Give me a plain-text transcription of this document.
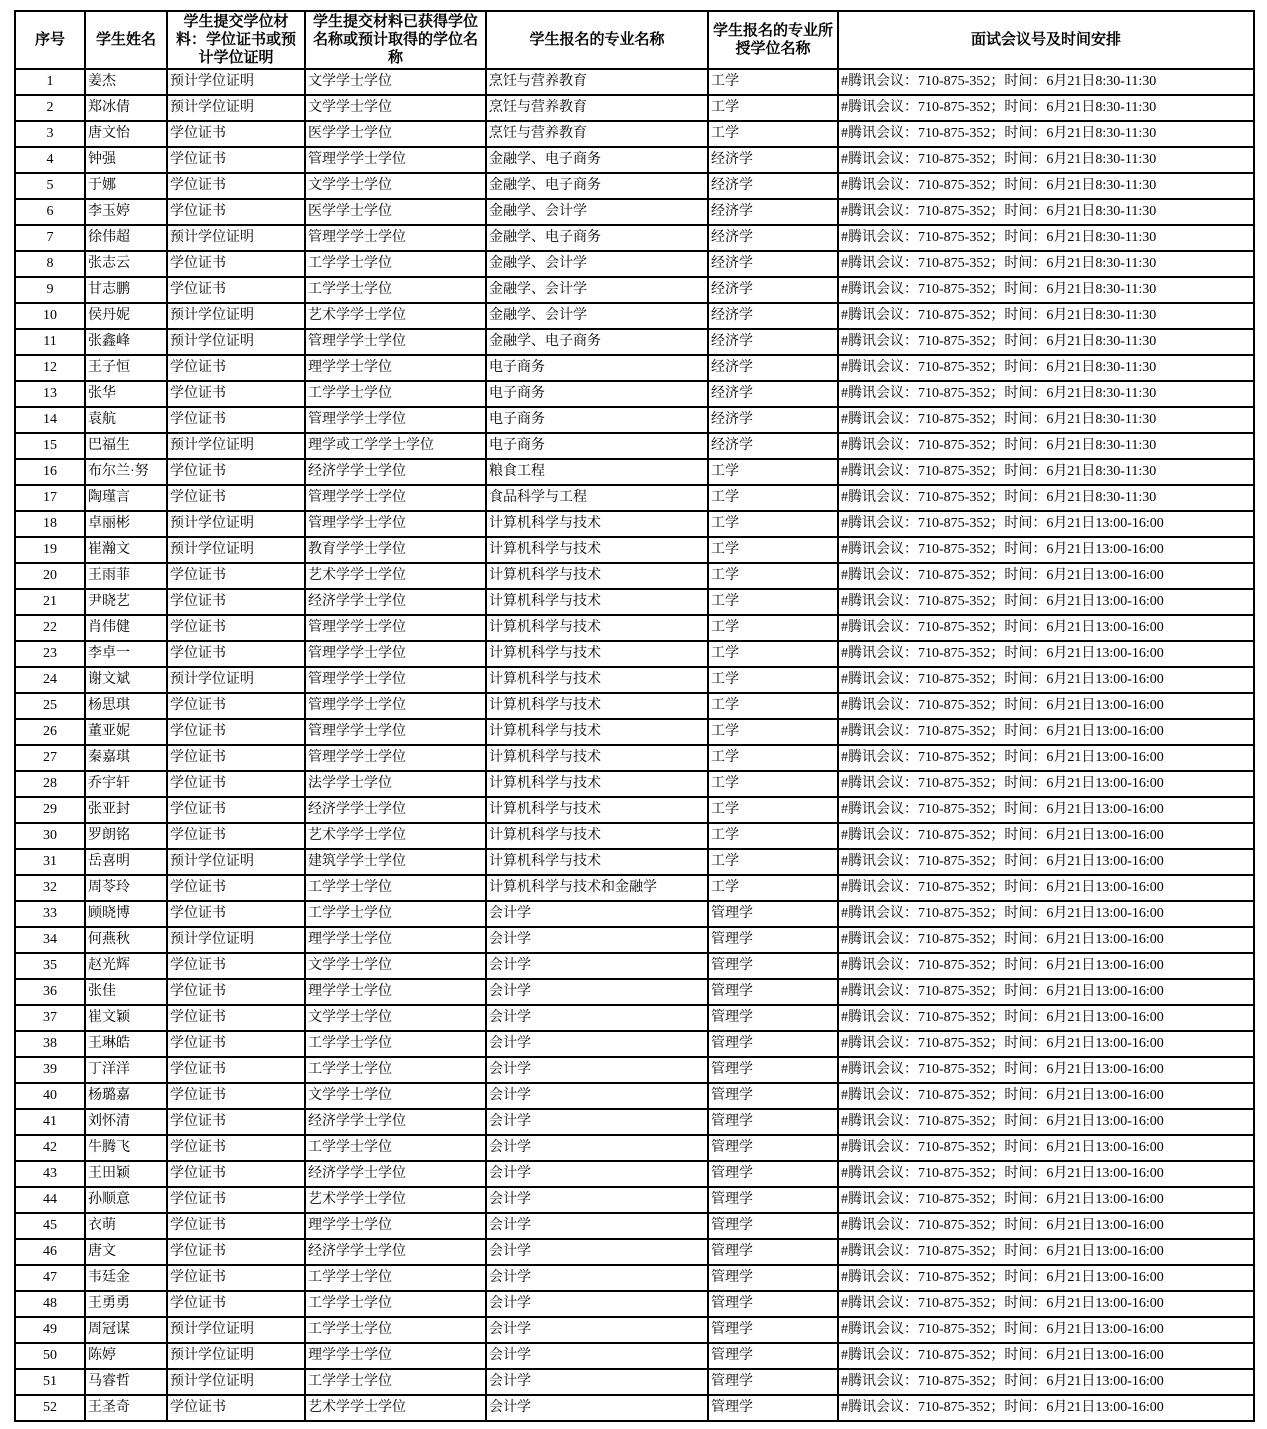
序号	学生姓名	学生提交学位材料：学位证书或预计学位证明	学生提交材料已获得学位名称或预计取得的学位名称	学生报名的专业名称	学生报名的专业所授学位名称	面试会议号及时间安排
1	姜杰	预计学位证明	文学学士学位	烹饪与营养教育	工学	#腾讯会议：710-875-352；时间：6月21日8:30-11:30
2	郑冰倩	预计学位证明	文学学士学位	烹饪与营养教育	工学	#腾讯会议：710-875-352；时间：6月21日8:30-11:30
3	唐文怡	学位证书	医学学士学位	烹饪与营养教育	工学	#腾讯会议：710-875-352；时间：6月21日8:30-11:30
4	钟强	学位证书	管理学学士学位	金融学、电子商务	经济学	#腾讯会议：710-875-352；时间：6月21日8:30-11:30
5	于娜	学位证书	文学学士学位	金融学、电子商务	经济学	#腾讯会议：710-875-352；时间：6月21日8:30-11:30
6	李玉婷	学位证书	医学学士学位	金融学、会计学	经济学	#腾讯会议：710-875-352；时间：6月21日8:30-11:30
7	徐伟超	预计学位证明	管理学学士学位	金融学、电子商务	经济学	#腾讯会议：710-875-352；时间：6月21日8:30-11:30
8	张志云	学位证书	工学学士学位	金融学、会计学	经济学	#腾讯会议：710-875-352；时间：6月21日8:30-11:30
9	甘志鹏	学位证书	工学学士学位	金融学、会计学	经济学	#腾讯会议：710-875-352；时间：6月21日8:30-11:30
10	侯丹妮	预计学位证明	艺术学学士学位	金融学、会计学	经济学	#腾讯会议：710-875-352；时间：6月21日8:30-11:30
11	张鑫峰	预计学位证明	管理学学士学位	金融学、电子商务	经济学	#腾讯会议：710-875-352；时间：6月21日8:30-11:30
12	王子恒	学位证书	理学学士学位	电子商务	经济学	#腾讯会议：710-875-352；时间：6月21日8:30-11:30
13	张华	学位证书	工学学士学位	电子商务	经济学	#腾讯会议：710-875-352；时间：6月21日8:30-11:30
14	袁航	学位证书	管理学学士学位	电子商务	经济学	#腾讯会议：710-875-352；时间：6月21日8:30-11:30
15	巴福生	预计学位证明	理学或工学学士学位	电子商务	经济学	#腾讯会议：710-875-352；时间：6月21日8:30-11:30
16	布尔兰·努	学位证书	经济学学士学位	粮食工程	工学	#腾讯会议：710-875-352；时间：6月21日8:30-11:30
17	陶瑾言	学位证书	管理学学士学位	食品科学与工程	工学	#腾讯会议：710-875-352；时间：6月21日8:30-11:30
18	卓丽彬	预计学位证明	管理学学士学位	计算机科学与技术	工学	#腾讯会议：710-875-352；时间：6月21日13:00-16:00
19	崔瀚文	预计学位证明	教育学学士学位	计算机科学与技术	工学	#腾讯会议：710-875-352；时间：6月21日13:00-16:00
20	王雨菲	学位证书	艺术学学士学位	计算机科学与技术	工学	#腾讯会议：710-875-352；时间：6月21日13:00-16:00
21	尹晓艺	学位证书	经济学学士学位	计算机科学与技术	工学	#腾讯会议：710-875-352；时间：6月21日13:00-16:00
22	肖伟健	学位证书	管理学学士学位	计算机科学与技术	工学	#腾讯会议：710-875-352；时间：6月21日13:00-16:00
23	李卓一	学位证书	管理学学士学位	计算机科学与技术	工学	#腾讯会议：710-875-352；时间：6月21日13:00-16:00
24	谢文斌	预计学位证明	管理学学士学位	计算机科学与技术	工学	#腾讯会议：710-875-352；时间：6月21日13:00-16:00
25	杨思琪	学位证书	管理学学士学位	计算机科学与技术	工学	#腾讯会议：710-875-352；时间：6月21日13:00-16:00
26	董亚妮	学位证书	管理学学士学位	计算机科学与技术	工学	#腾讯会议：710-875-352；时间：6月21日13:00-16:00
27	秦嘉琪	学位证书	管理学学士学位	计算机科学与技术	工学	#腾讯会议：710-875-352；时间：6月21日13:00-16:00
28	乔宇轩	学位证书	法学学士学位	计算机科学与技术	工学	#腾讯会议：710-875-352；时间：6月21日13:00-16:00
29	张亚封	学位证书	经济学学士学位	计算机科学与技术	工学	#腾讯会议：710-875-352；时间：6月21日13:00-16:00
30	罗朗铭	学位证书	艺术学学士学位	计算机科学与技术	工学	#腾讯会议：710-875-352；时间：6月21日13:00-16:00
31	岳喜明	预计学位证明	建筑学学士学位	计算机科学与技术	工学	#腾讯会议：710-875-352；时间：6月21日13:00-16:00
32	周苓玲	学位证书	工学学士学位	计算机科学与技术和金融学	工学	#腾讯会议：710-875-352；时间：6月21日13:00-16:00
33	顾晓博	学位证书	工学学士学位	会计学	管理学	#腾讯会议：710-875-352；时间：6月21日13:00-16:00
34	何燕秋	预计学位证明	理学学士学位	会计学	管理学	#腾讯会议：710-875-352；时间：6月21日13:00-16:00
35	赵光辉	学位证书	文学学士学位	会计学	管理学	#腾讯会议：710-875-352；时间：6月21日13:00-16:00
36	张佳	学位证书	理学学士学位	会计学	管理学	#腾讯会议：710-875-352；时间：6月21日13:00-16:00
37	崔文颖	学位证书	文学学士学位	会计学	管理学	#腾讯会议：710-875-352；时间：6月21日13:00-16:00
38	王琳皓	学位证书	工学学士学位	会计学	管理学	#腾讯会议：710-875-352；时间：6月21日13:00-16:00
39	丁洋洋	学位证书	工学学士学位	会计学	管理学	#腾讯会议：710-875-352；时间：6月21日13:00-16:00
40	杨璐嘉	学位证书	文学学士学位	会计学	管理学	#腾讯会议：710-875-352；时间：6月21日13:00-16:00
41	刘怀清	学位证书	经济学学士学位	会计学	管理学	#腾讯会议：710-875-352；时间：6月21日13:00-16:00
42	牛腾飞	学位证书	工学学士学位	会计学	管理学	#腾讯会议：710-875-352；时间：6月21日13:00-16:00
43	王田颖	学位证书	经济学学士学位	会计学	管理学	#腾讯会议：710-875-352；时间：6月21日13:00-16:00
44	孙顺意	学位证书	艺术学学士学位	会计学	管理学	#腾讯会议：710-875-352；时间：6月21日13:00-16:00
45	衣萌	学位证书	理学学士学位	会计学	管理学	#腾讯会议：710-875-352；时间：6月21日13:00-16:00
46	唐文	学位证书	经济学学士学位	会计学	管理学	#腾讯会议：710-875-352；时间：6月21日13:00-16:00
47	韦廷金	学位证书	工学学士学位	会计学	管理学	#腾讯会议：710-875-352；时间：6月21日13:00-16:00
48	王勇勇	学位证书	工学学士学位	会计学	管理学	#腾讯会议：710-875-352；时间：6月21日13:00-16:00
49	周冠谋	预计学位证明	工学学士学位	会计学	管理学	#腾讯会议：710-875-352；时间：6月21日13:00-16:00
50	陈婷	预计学位证明	理学学士学位	会计学	管理学	#腾讯会议：710-875-352；时间：6月21日13:00-16:00
51	马睿哲	预计学位证明	工学学士学位	会计学	管理学	#腾讯会议：710-875-352；时间：6月21日13:00-16:00
52	王圣奇	学位证书	艺术学学士学位	会计学	管理学	#腾讯会议：710-875-352；时间：6月21日13:00-16:00
